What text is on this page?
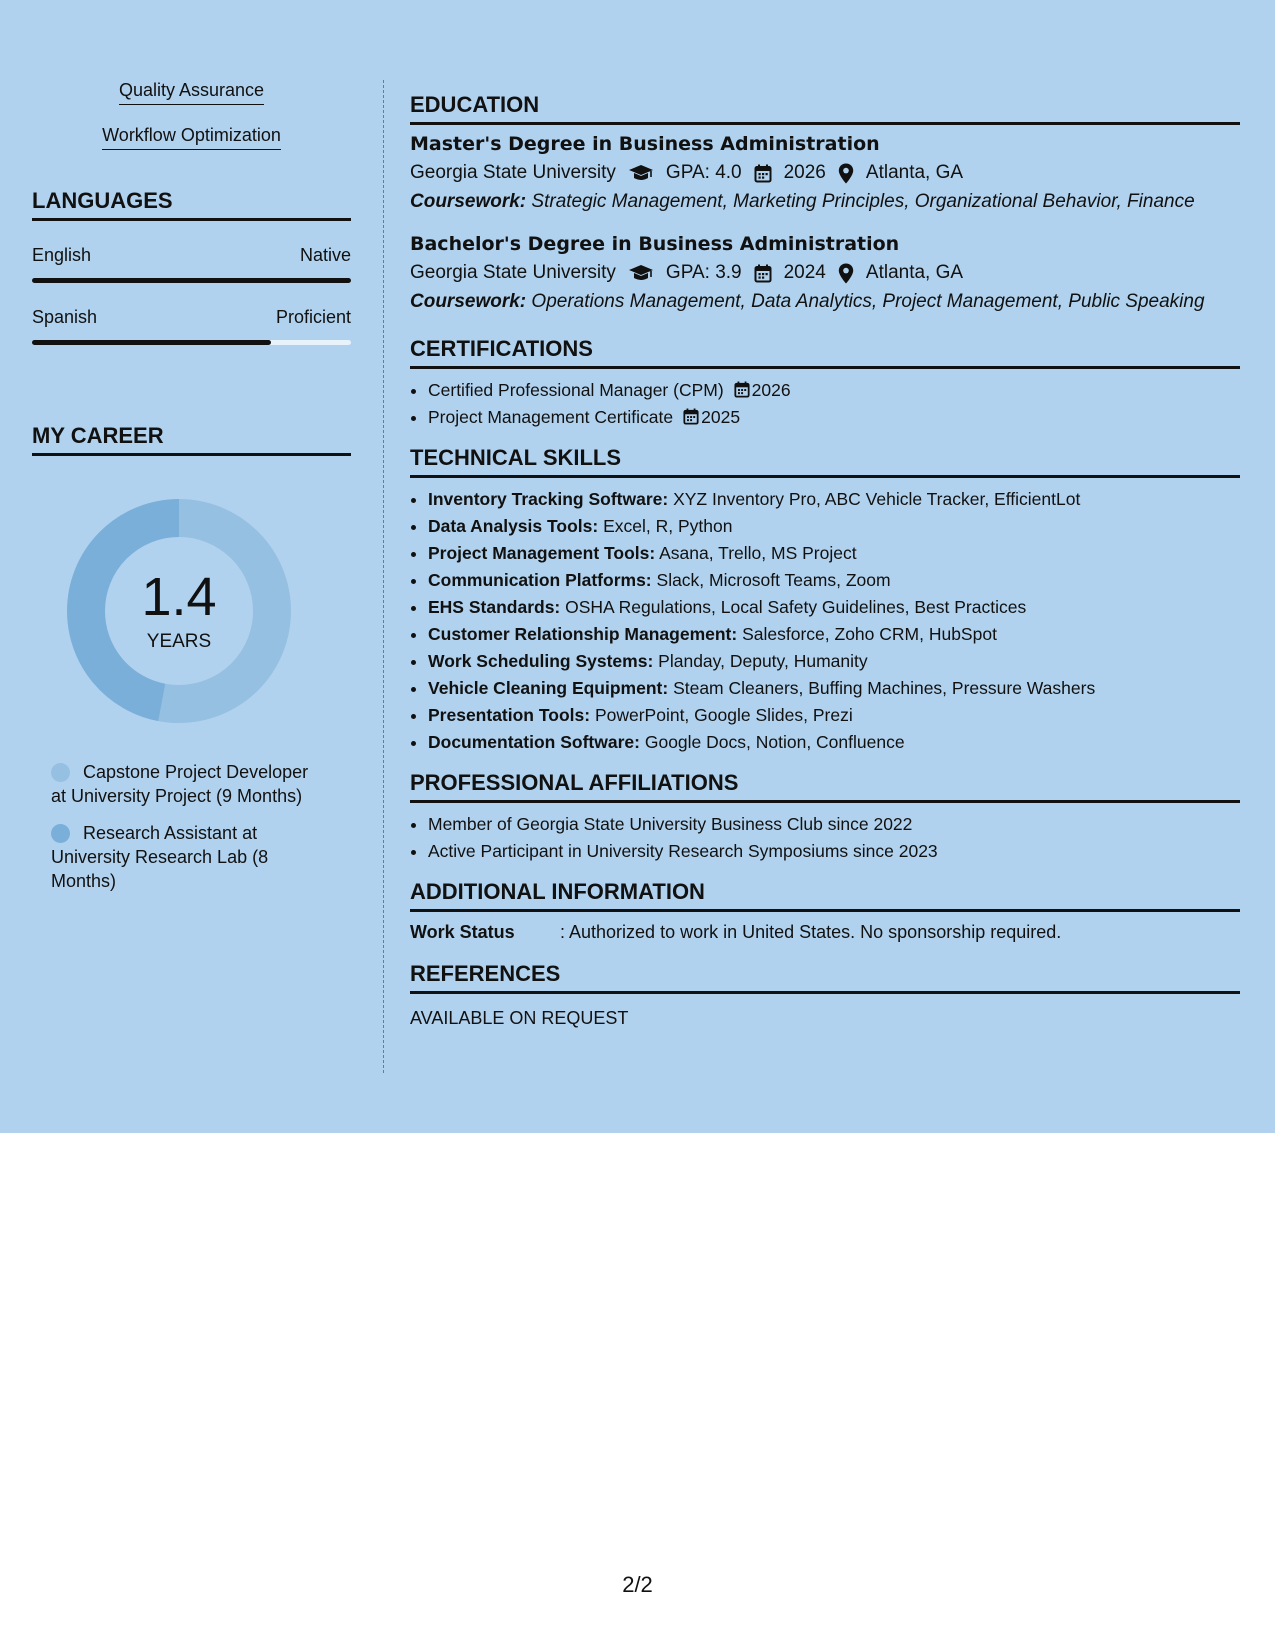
Quality Assurance
Workflow Optimization
LANGUAGES
English	Native
Spanish	Proficient
MY CAREER
1.4
YEARS
Capstone Project Developer at University Project (9 Months)
Research Assistant at University Research Lab (8 Months)
EDUCATION
Master's Degree in Business Administration
Georgia State University	GPA: 4.0 2026 Atlanta, GA
Coursework: Strategic Management, Marketing Principles, Organizational Behavior, Finance
Bachelor's Degree in Business Administration
Georgia State University	GPA: 3.9 2024 Atlanta, GA
Coursework: Operations Management, Data Analytics, Project Management, Public Speaking
CERTIFICATIONS
• Certified Professional Manager (CPM) 2026
• Project Management Certificate 2025
TECHNICAL SKILLS
• Inventory Tracking Software: XYZ Inventory Pro, ABC Vehicle Tracker, EfficientLot
• Data Analysis Tools: Excel, R, Python
• Project Management Tools: Asana, Trello, MS Project
• Communication Platforms: Slack, Microsoft Teams, Zoom
• EHS Standards: OSHA Regulations, Local Safety Guidelines, Best Practices
• Customer Relationship Management: Salesforce, Zoho CRM, HubSpot
• Work Scheduling Systems: Planday, Deputy, Humanity
• Vehicle Cleaning Equipment: Steam Cleaners, Buffing Machines, Pressure Washers
• Presentation Tools: PowerPoint, Google Slides, Prezi
• Documentation Software: Google Docs, Notion, Confluence
PROFESSIONAL AFFILIATIONS
• Member of Georgia State University Business Club since 2022
• Active Participant in University Research Symposiums since 2023
ADDITIONAL INFORMATION
Work Status	: Authorized to work in United States. No sponsorship required.
REFERENCES
AVAILABLE ON REQUEST
2/2
